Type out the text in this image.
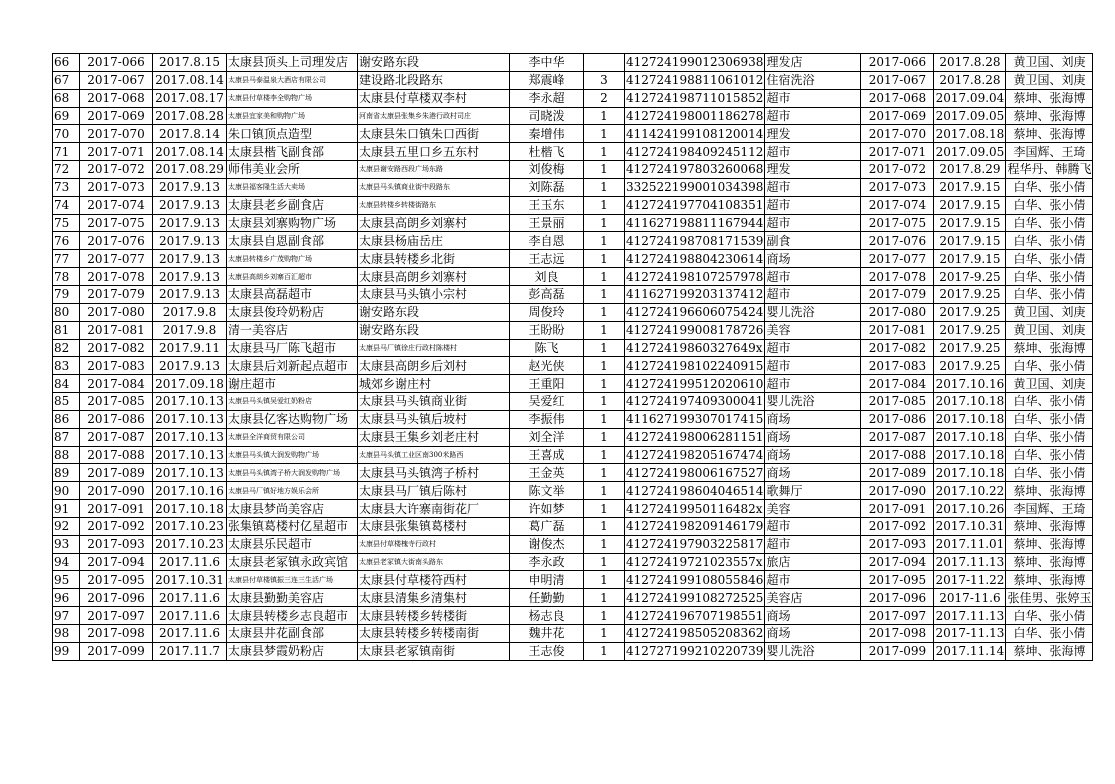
66	2017-066	2017.8.15	太康县顶头上司理发店	谢安路东段	李中华		412724199012306938	理发店	2017-066	2017.8.28	黄卫国、刘庚
67	2017-067	2017.08.14	太康县马泰温泉大酒店有限公司	建设路北段路东	郑震峰	3	412724198811061012	住宿洗浴	2017-067	2017.8.28	黄卫国、刘庚
68	2017-068	2017.08.17	太康县付草楼李全购物广场	太康县付草楼双李村	李永超	2	412724198711015852	超市	2017-068	2017.09.04	蔡坤、张海博
69	2017-069	2017.08.28	太康县宜家美和购物广场	河南省太康县张集乡朱港行政村司庄	司晓泼	1	412724198001186278	超市	2017-069	2017.09.05	蔡坤、张海博
70	2017-070	2017.8.14	朱口镇顶点造型	太康县朱口镇朱口西街	秦增伟	1	411424199108120014	理发	2017-070	2017.08.18	蔡坤、张海博
71	2017-071	2017.08.14	太康县楷飞副食部	太康县五里口乡五东村	杜楷飞	1	412724198409245112	超市	2017-071	2017.09.05	李国辉、王琦
72	2017-072	2017.08.29	师伟美业会所	太康县谢安路西段广场东路	刘俊梅	1	412724197803260068	理发	2017-072	2017.8.29	程华丹、韩腾飞
73	2017-073	2017.9.13	太康县福客隆生活大卖场	太康县马头镇商业街中段路东	刘陈磊	1	332522199001034398	超市	2017-073	2017.9.15	白华、张小倩
74	2017-074	2017.9.13	太康县老乡副食店	太康县转楼乡转楼街路东	王玉东	1	412724197704108351	超市	2017-074	2017.9.15	白华、张小倩
75	2017-075	2017.9.13	太康县刘寨购物广场	太康县高朗乡刘寨村	王景丽	1	411627198811167944	超市	2017-075	2017.9.15	白华、张小倩
76	2017-076	2017.9.13	太康县自恩副食部	太康县杨庙岳庄	李自恩	1	412724198708171539	副食	2017-076	2017.9.15	白华、张小倩
77	2017-077	2017.9.13	太康县转楼乡广茂购物广场	太康县转楼乡北街	王志远	1	412724198804230614	商场	2017-077	2017.9.15	白华、张小倩
78	2017-078	2017.9.13	太康县高朗乡刘寨百汇超市	太康县高朗乡刘寨村	刘良	1	412724198107257978	超市	2017-078	2017-9.25	白华、张小倩
79	2017-079	2017.9.13	太康县高磊超市	太康县马头镇小宗村	彭高磊	1	411627199203137412	超市	2017-079	2017.9.25	白华、张小倩
80	2017-080	2017.9.8	太康县俊玲奶粉店	谢安路东段	周俊玲	1	412724196606075424	婴儿洗浴	2017-080	2017.9.25	黄卫国、刘庚
81	2017-081	2017.9.8	清一美容店	谢安路东段	王盼盼	1	412724199008178726	美容	2017-081	2017.9.25	黄卫国、刘庚
82	2017-082	2017.9.11	太康县马厂陈飞超市	太康县马厂镇徐庄行政村陈楼村	陈飞	1	41272419860327649x	超市	2017-082	2017.9.25	蔡坤、张海博
83	2017-083	2017.9.13	太康县后刘新起点超市	太康县高朗乡后刘村	赵光侠	1	412724198102240915	超市	2017-083	2017.9.25	白华、张小倩
84	2017-084	2017.09.18	谢庄超市	城郊乡谢庄村	王重阳	1	412724199512020610	超市	2017-084	2017.10.16	黄卫国、刘庚
85	2017-085	2017.10.13	太康县马头镇吴爱红奶粉店	太康县马头镇商业街	吴爱红	1	412724197409300041	婴儿洗浴	2017-085	2017.10.18	白华、张小倩
86	2017-086	2017.10.13	太康县亿客达购物广场	太康县马头镇后坡村	李振伟	1	411627199307017415	商场	2017-086	2017.10.18	白华、张小倩
87	2017-087	2017.10.13	太康县全洋商贸有限公司	太康县王集乡刘老庄村	刘全洋	1	412724198006281151	商场	2017-087	2017.10.18	白华、张小倩
88	2017-088	2017.10.13	太康县马头镇大润发购物广场	太康县马头镇工业区南300米路西	王喜成	1	412724198205167474	商场	2017-088	2017.10.18	白华、张小倩
89	2017-089	2017.10.13	太康县马头镇湾子桥大润发购物广场	太康县马头镇湾子桥村	王金英	1	412724198006167527	商场	2017-089	2017.10.18	白华、张小倩
90	2017-090	2017.10.16	太康县马厂镇好地方娱乐会所	太康县马厂镇后陈村	陈文举	1	412724198604046514	歌舞厅	2017-090	2017.10.22	蔡坤、张海博
91	2017-091	2017.10.18	太康县梦尚美容店	太康县大许寨南街花厂	许如梦	1	41272419950116482x	美容	2017-091	2017.10.26	李国辉、王琦
92	2017-092	2017.10.23	张集镇葛楼村亿星超市	太康县张集镇葛楼村	葛广磊	1	412724198209146179	超市	2017-092	2017.10.31	蔡坤、张海博
93	2017-093	2017.10.23	太康县乐民超市	太康县付草楼槐寺行政村	谢俊杰	1	412724197903225817	超市	2017-093	2017.11.01	蔡坤、张海博
94	2017-094	2017.11.6	太康县老冢镇永政宾馆	太康县老冢镇大街南头路东	李永政	1	41272419721023557x	旅店	2017-094	2017.11.13	蔡坤、张海博
95	2017-095	2017.10.31	太康县付草楼镇振三连三生活广场	太康县付草楼符西村	申明清	1	412724199108055846	超市	2017-095	2017-11.22	蔡坤、张海博
96	2017-096	2017.11.6	太康县勤勤美容店	太康县清集乡清集村	任勤勤	1	412724199108272525	美容店	2017-096	2017-11.6	张佳男、张婷玉
97	2017-097	2017.11.6	太康县转楼乡志良超市	太康县转楼乡转楼街	杨志良	1	412724196707198551	商场	2017-097	2017.11.13	白华、张小倩
98	2017-098	2017.11.6	太康县井花副食部	太康县转楼乡转楼南街	魏井花	1	412724198505208362	商场	2017-098	2017-11.13	白华、张小倩
99	2017-099	2017.11.7	太康县梦霞奶粉店	太康县老冢镇南街	王志俊	1	412727199210220739	婴儿洗浴	2017-099	2017.11.14	蔡坤、张海博
